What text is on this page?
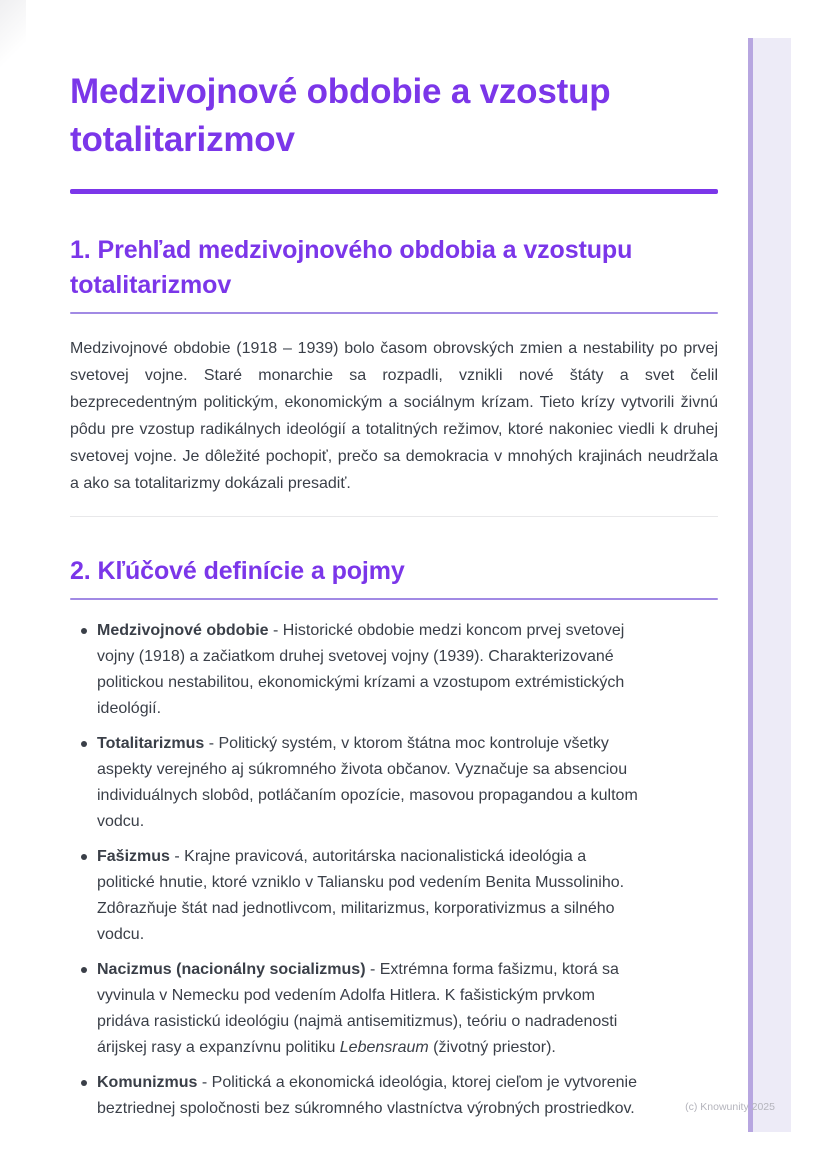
Medzivojnové obdobie a vzostup totalitarizmov
1. Prehľad medzivojnového obdobia a vzostupu totalitarizmov

Medzivojnové obdobie (1918 – 1939) bolo časom obrovských zmien a nestability po prvej svetovej vojne. Staré monarchie sa rozpadli, vznikli nové štáty a svet čelil bezprecedentným politickým, ekonomickým a sociálnym krízam. Tieto krízy vytvorili živnú pôdu pre vzostup radikálnych ideológií a totalitných režimov, ktoré nakoniec viedli k druhej svetovej vojne. Je dôležité pochopiť, prečo sa demokracia v mnohých krajinách neudržala a ako sa totalitarizmy dokázali presadiť.

2. Kľúčové definície a pojmy
Medzivojnové obdobie - Historické obdobie medzi koncom prvej svetovej vojny (1918) a začiatkom druhej svetovej vojny (1939). Charakterizované politickou nestabilitou, ekonomickými krízami a vzostupom extrémistických ideológií.
Totalitarizmus - Politický systém, v ktorom štátna moc kontroluje všetky aspekty verejného aj súkromného života občanov. Vyznačuje sa absenciou individuálnych slobôd, potláčaním opozície, masovou propagandou a kultom vodcu.
Fašizmus - Krajne pravicová, autoritárska nacionalistická ideológia a politické hnutie, ktoré vzniklo v Taliansku pod vedením Benita Mussoliniho. Zdôrazňuje štát nad jednotlivcom, militarizmus, korporativizmus a silného vodcu.
Nacizmus (nacionálny socializmus) - Extrémna forma fašizmu, ktorá sa vyvinula v Nemecku pod vedením Adolfa Hitlera. K fašistickým prvkom pridáva rasistickú ideológiu (najmä antisemitizmus), teóriu o nadradenosti árijskej rasy a expanzívnu politiku Lebensraum (životný priestor).
Komunizmus - Politická a ekonomická ideológia, ktorej cieľom je vytvorenie beztriednej spoločnosti bez súkromného vlastníctva výrobných prostriedkov.	(c) Knowunity 2025
